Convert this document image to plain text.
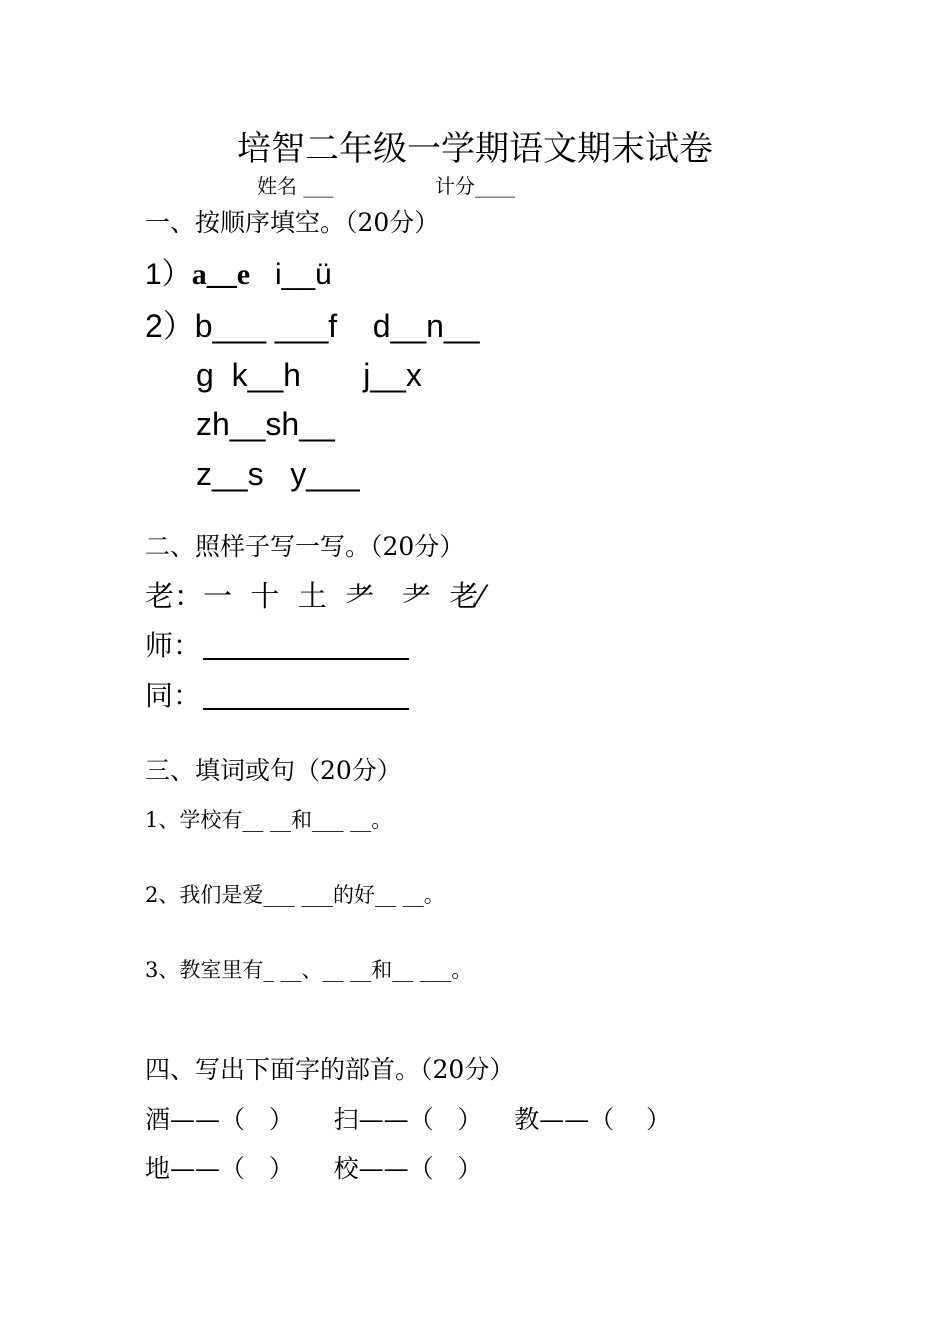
培智二年级一学期语文期末试卷
姓名 ___	计分____
一、按顺序填空。（20分）
1）a__e   i__ü
2）b___ ___f    d__n__
g  k__h       j__x
zh__sh__
z__s   y___
二、照样子写一写。（20分）
老：一  十  土  耂   耂  老⁄
师：
同：
三、填词或句（20分）
1、学校有__ __和___ __。
2、我们是爱___ ___的好__ __。
3、教室里有_ __、__ __和__ ___。
四、写出下面字的部首。（20分）
酒——（   ）     扫——（   ）    教——（    ）
地——（   ）     校——（   ）
